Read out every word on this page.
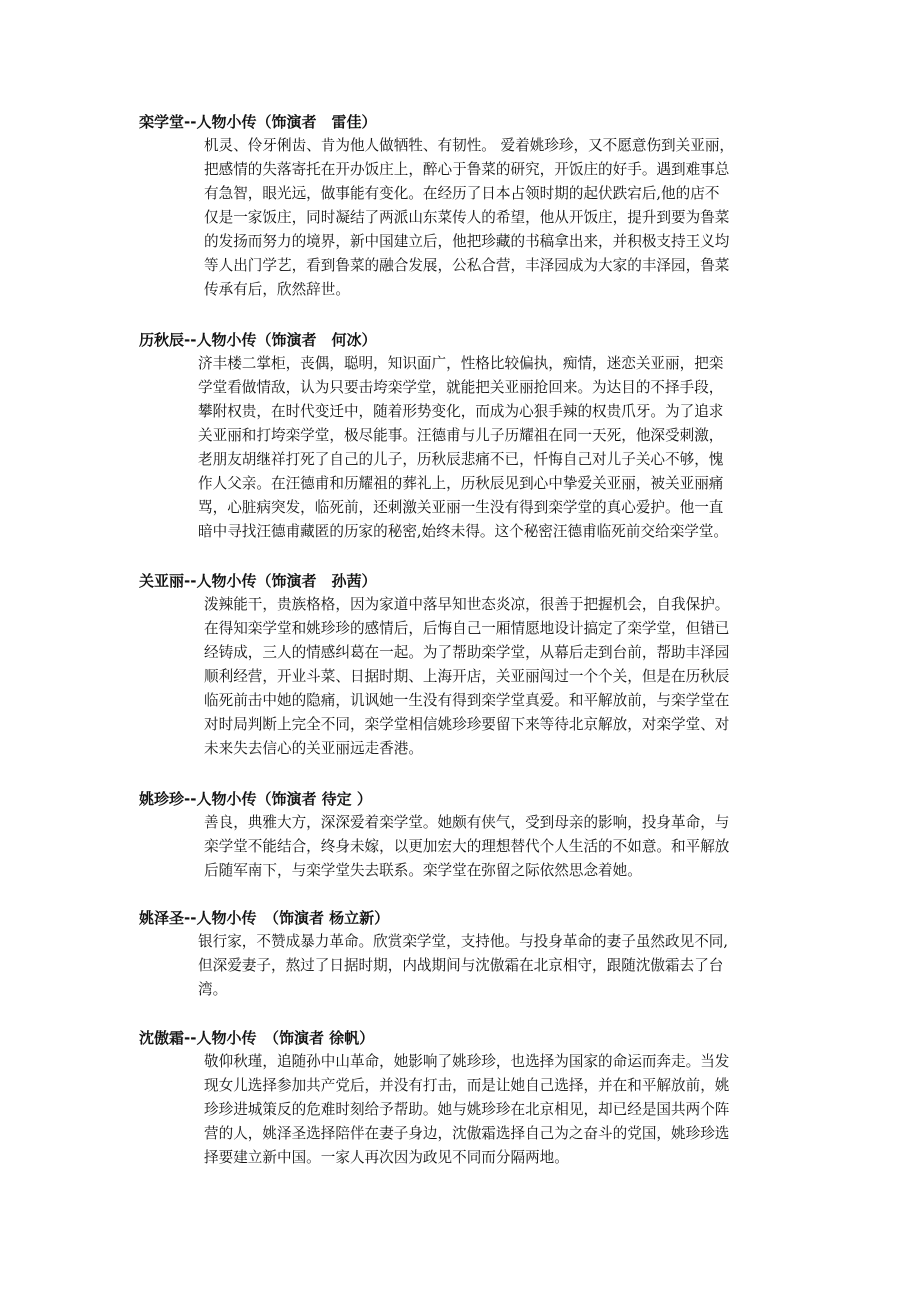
栾学堂--人物小传（饰演者　雷佳）
机灵、伶牙俐齿、肯为他人做牺牲、有韧性。 爱着姚珍珍，又不愿意伤到关亚丽，
把感情的失落寄托在开办饭庄上，醉心于鲁菜的研究，开饭庄的好手。遇到难事总
有急智，眼光远，做事能有变化。在经历了日本占领时期的起伏跌宕后,他的店不
仅是一家饭庄，同时凝结了两派山东菜传人的希望，他从开饭庄，提升到要为鲁菜
的发扬而努力的境界，新中国建立后，他把珍藏的书稿拿出来，并积极支持王义均
等人出门学艺，看到鲁菜的融合发展，公私合营，丰泽园成为大家的丰泽园，鲁菜
传承有后，欣然辞世。
历秋辰--人物小传（饰演者　何冰）
济丰楼二掌柜，丧偶，聪明，知识面广，性格比较偏执，痴情，迷恋关亚丽，把栾
学堂看做情敌，认为只要击垮栾学堂，就能把关亚丽抢回来。为达目的不择手段，
攀附权贵，在时代变迁中，随着形势变化，而成为心狠手辣的权贵爪牙。为了追求
关亚丽和打垮栾学堂，极尽能事。汪德甫与儿子历耀祖在同一天死，他深受刺激，
老朋友胡继祥打死了自己的儿子，历秋辰悲痛不已，忏悔自己对儿子关心不够，愧
作人父亲。在汪德甫和历耀祖的葬礼上，历秋辰见到心中挚爱关亚丽，被关亚丽痛
骂，心脏病突发，临死前，还刺激关亚丽一生没有得到栾学堂的真心爱护。他一直
暗中寻找汪德甫藏匿的历家的秘密,始终未得。这个秘密汪德甫临死前交给栾学堂。
关亚丽--人物小传（饰演者　孙茜）
泼辣能干，贵族格格，因为家道中落早知世态炎凉，很善于把握机会，自我保护。
在得知栾学堂和姚珍珍的感情后，后悔自己一厢情愿地设计搞定了栾学堂，但错已
经铸成，三人的情感纠葛在一起。为了帮助栾学堂，从幕后走到台前，帮助丰泽园
顺利经营，开业斗菜、日据时期、上海开店，关亚丽闯过一个个关，但是在历秋辰
临死前击中她的隐痛，讥讽她一生没有得到栾学堂真爱。和平解放前，与栾学堂在
对时局判断上完全不同，栾学堂相信姚珍珍要留下来等待北京解放，对栾学堂、对
未来失去信心的关亚丽远走香港。
姚珍珍--人物小传（饰演者 待定 ）
善良，典雅大方，深深爱着栾学堂。她颇有侠气，受到母亲的影响，投身革命，与
栾学堂不能结合，终身未嫁，以更加宏大的理想替代个人生活的不如意。和平解放
后随军南下，与栾学堂失去联系。栾学堂在弥留之际依然思念着她。
姚泽圣--人物小传　（饰演者 杨立新）
银行家，不赞成暴力革命。欣赏栾学堂，支持他。与投身革命的妻子虽然政见不同,
但深爱妻子，熬过了日据时期，内战期间与沈傲霜在北京相守，跟随沈傲霜去了台
湾。
沈傲霜--人物小传　（饰演者 徐帆）
敬仰秋瑾，追随孙中山革命，她影响了姚珍珍，也选择为国家的命运而奔走。当发
现女儿选择参加共产党后，并没有打击，而是让她自己选择，并在和平解放前，姚
珍珍进城策反的危难时刻给予帮助。她与姚珍珍在北京相见，却已经是国共两个阵
营的人，姚泽圣选择陪伴在妻子身边，沈傲霜选择自己为之奋斗的党国，姚珍珍选
择要建立新中国。一家人再次因为政见不同而分隔两地。
